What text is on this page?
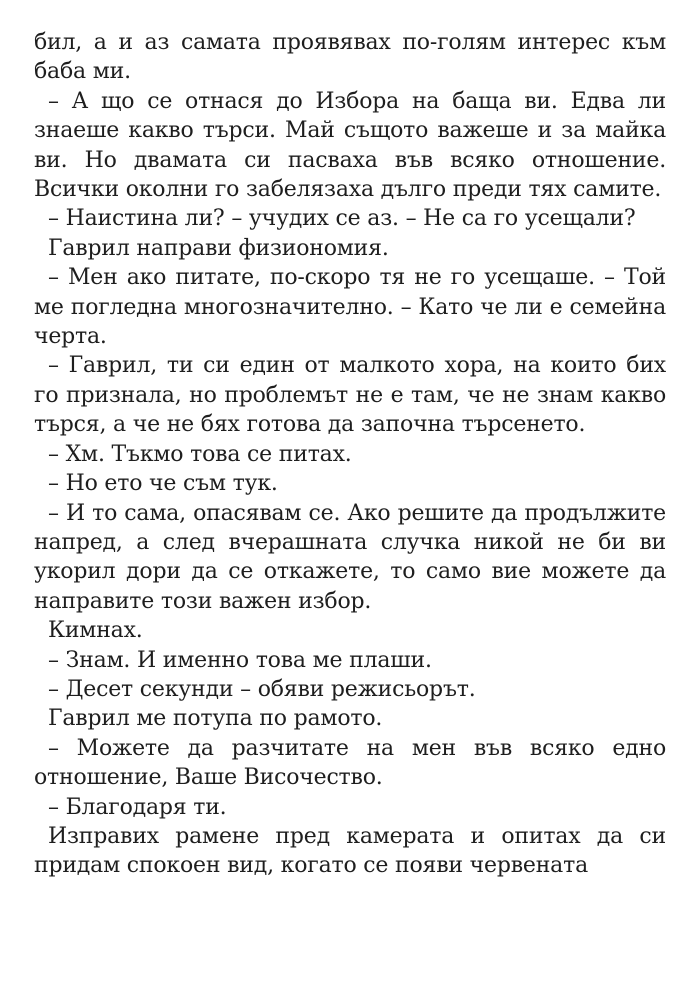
бил, а и аз самата проявявах по-голям интерес към баба ми.

– А що се отнася до Избора на баща ви. Едва ли знаеше какво търси. Май същото важеше и за майка ви. Но двамата си пасваха във всяко отношение. Всички околни го забелязаха дълго преди тях самите.

– Наистина ли? – учудих се аз. – Не са го усещали?

Гаврил направи физиономия.

– Мен ако питате, по-скоро тя не го усещаше. – Той ме погледна многозначително. – Като че ли е семейна черта.

– Гаврил, ти си един от малкото хора, на които бих го признала, но проблемът не е там, че не знам какво търся, а че не бях готова да започна търсенето.

– Хм. Тъкмо това се питах.

– Но ето че съм тук.

– И то сама, опасявам се. Ако решите да продължите напред, а след вчерашната случка никой не би ви укорил дори да се откажете, то само вие можете да направите този важен избор.

Кимнах.

– Знам. И именно това ме плаши.

– Десет секунди – обяви режисьорът.

Гаврил ме потупа по рамото.

– Можете да разчитате на мен във всяко едно отношение, Ваше Височество.

– Благодаря ти.

Изправих рамене пред камерата и опитах да си придам спокоен вид, когато се появи червената
